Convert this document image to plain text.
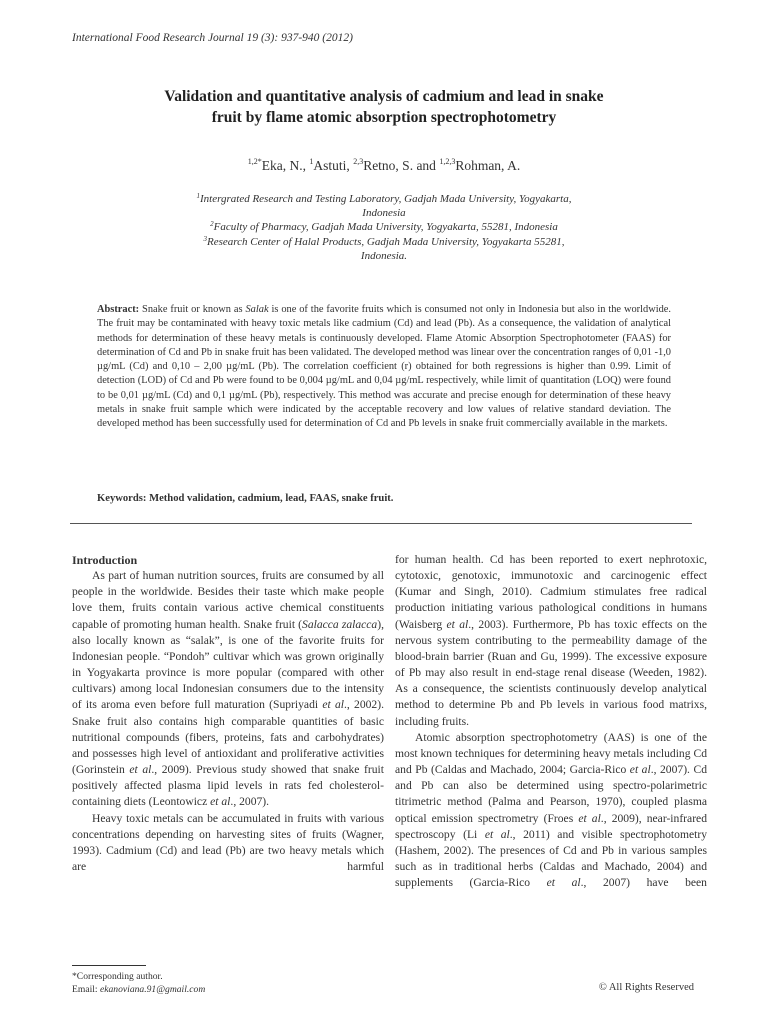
International Food Research Journal 19 (3): 937-940 (2012)
Validation and quantitative analysis of cadmium and lead in snake
fruit by flame atomic absorption spectrophotometry
$^{1,2*}$Eka, N., $^1$Astuti, $^{2,3}$Retno, S. and $^{1,2,3}$Rohman, A.
$^1$Intergrated Research and Testing Laboratory, Gadjah Mada University, Yogyakarta,
Indonesia
$^2$Faculty of Pharmacy, Gadjah Mada University, Yogyakarta, 55281, Indonesia
$^3$Research Center of Halal Products, Gadjah Mada University, Yogyakarta 55281,
Indonesia.
Abstract: Snake fruit or known as Salak is one of the favorite fruits which is consumed not only in Indonesia but also in the worldwide. The fruit may be contaminated with heavy toxic metals like cadmium (Cd) and lead (Pb). As a consequence, the validation of analytical methods for determination of these heavy metals is continuously developed. Flame Atomic Absorption Spectrophotometer (FAAS) for determination of Cd and Pb in snake fruit has been validated. The developed method was linear over the concentration ranges of 0,01 -1,0 µg/mL (Cd) and 0,10 – 2,00 µg/mL (Pb). The correlation coefficient (r) obtained for both regressions is higher than 0.99. Limit of detection (LOD) of Cd and Pb were found to be 0,004 µg/mL and 0,04 µg/mL respectively, while limit of quantitation (LOQ) were found to be 0,01 µg/mL (Cd) and 0,1 µg/mL (Pb), respectively. This method was accurate and precise enough for determination of these heavy metals in snake fruit sample which were indicated by the acceptable recovery and low values of relative standard deviation. The developed method has been successfully used for determination of Cd and Pb levels in snake fruit commercially available in the markets.
Keywords: Method validation, cadmium, lead, FAAS, snake fruit.

Introduction

As part of human nutrition sources, fruits are consumed by all people in the worldwide. Besides their taste which make people love them, fruits contain various active chemical constituents capable of promoting human health. Snake fruit (Salacca zalacca), also locally known as “salak”, is one of the favorite fruits for Indonesian people. “Pondoh” cultivar which was grown originally in Yogyakarta province is more popular (compared with other cultivars) among local Indonesian consumers due to the intensity of its aroma even before full maturation (Supriyadi et al., 2002). Snake fruit also contains high comparable quantities of basic nutritional compounds (fibers, proteins, fats and carbohydrates) and possesses high level of antioxidant and proliferative activities (Gorinstein et al., 2009). Previous study showed that snake fruit positively affected plasma lipid levels in rats fed cholesterol-containing diets (Leontowicz et al., 2007).

Heavy toxic metals can be accumulated in fruits with various concentrations depending on harvesting sites of fruits (Wagner, 1993). Cadmium (Cd) and lead (Pb) are two heavy metals which are harmful

for human health. Cd has been reported to exert nephrotoxic, cytotoxic, genotoxic, immunotoxic and carcinogenic effect (Kumar and Singh, 2010). Cadmium stimulates free radical production initiating various pathological conditions in humans (Waisberg et al., 2003). Furthermore, Pb has toxic effects on the nervous system contributing to the permeability damage of the blood-brain barrier (Ruan and Gu, 1999). The excessive exposure of Pb may also result in end-stage renal disease (Weeden, 1982). As a consequence, the scientists continuously develop analytical method to determine Pb and Pb levels in various food matrixs, including fruits.

Atomic absorption spectrophotometry (AAS) is one of the most known techniques for determining heavy metals including Cd and Pb (Caldas and Machado, 2004; Garcia-Rico et al., 2007). Cd and Pb can also be determined using spectro-polarimetric titrimetric method (Palma and Pearson, 1970), coupled plasma optical emission spectrometry (Froes et al., 2009), near-infrared spectroscopy (Li et al., 2011) and visible spectrophotometry (Hashem, 2002). The presences of Cd and Pb in various samples such as in traditional herbs (Caldas and Machado, 2004) and supplements (Garcia-Rico et al., 2007) have been

*Corresponding author.
Email: ekanoviana.91@gmail.com	© All Rights Reserved
